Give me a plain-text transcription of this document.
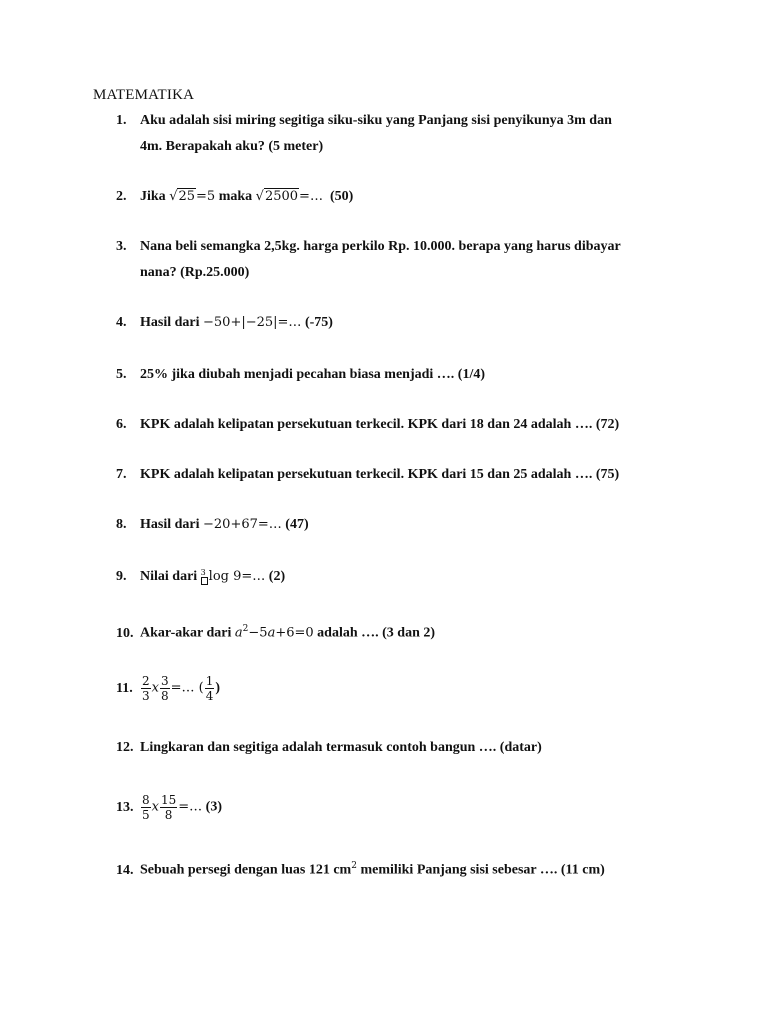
MATEMATIKA
1. Aku adalah sisi miring segitiga siku-siku yang Panjang sisi penyikunya 3m dan
4m. Berapakah aku? (5 meter)
2. Jika √25=5 maka √2500=… (50)
3. Nana beli semangka 2,5kg. harga perkilo Rp. 10.000. berapa yang harus dibayar
nana? (Rp.25.000)
4. Hasil dari −50+|−25|=… (-75)
5. 25% jika diubah menjadi pecahan biasa menjadi …. (1/4)
6. KPK adalah kelipatan persekutuan terkecil. KPK dari 18 dan 24 adalah …. (72)
7. KPK adalah kelipatan persekutuan terkecil. KPK dari 15 dan 25 adalah …. (75)
8. Hasil dari −20+67=… (47)
9. Nilai dari 3 log 9=… (2)
10. Akar-akar dari $a^2-5a+6=0$ adalah …. (3 dan 2)
11. $\frac{2}{3}$ x $\frac{3}{8}$ =… ( $\frac{1}{4}$ )
12. Lingkaran dan segitiga adalah termasuk contoh bangun …. (datar)
13. $\frac{8}{5}$ x $\frac{15}{8}$ =… (3)
14. Sebuah persegi dengan luas 121 $cm^2$ memiliki Panjang sisi sebesar …. (11 cm)
